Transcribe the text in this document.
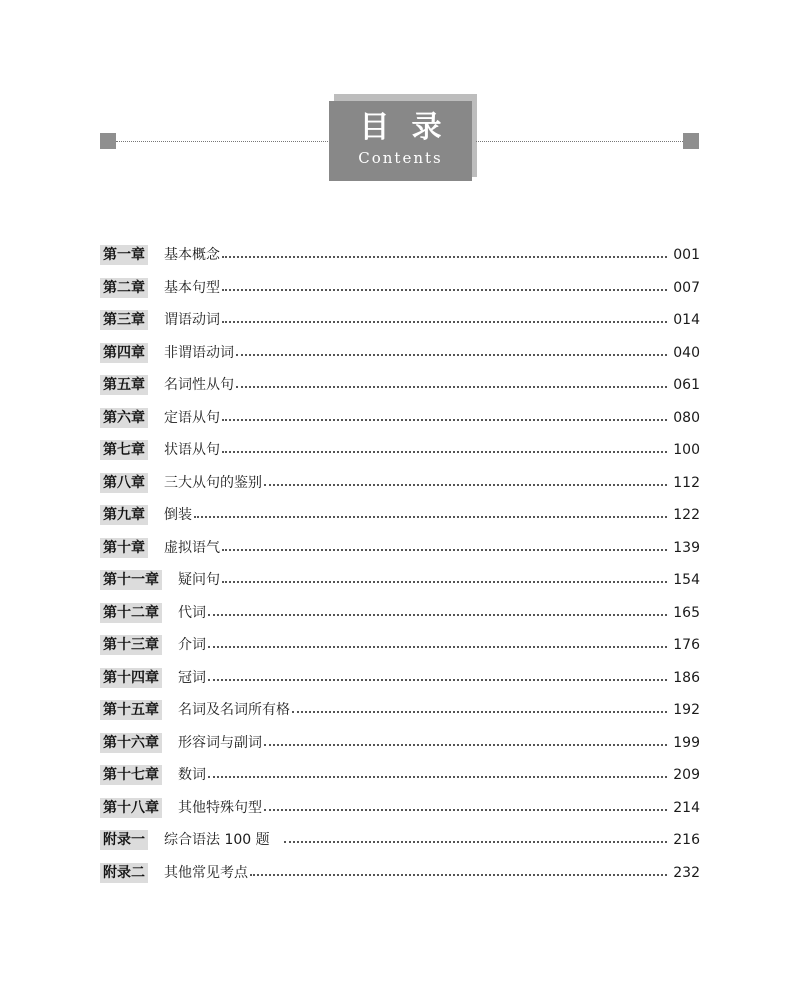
目录
Contents
第一章 基本概念	001
第二章 基本句型	007
第三章 谓语动词	014
第四章 非谓语动词	040
第五章 名词性从句	061
第六章 定语从句	080
第七章 状语从句	100
第八章 三大从句的鉴别	112
第九章 倒装	122
第十章 虚拟语气	139
第十一章 疑问句	154
第十二章 代词	165
第十三章 介词	176
第十四章 冠词	186
第十五章 名词及名词所有格	192
第十六章 形容词与副词	199
第十七章 数词	209
第十八章 其他特殊句型	214
附录一 综合语法 100 题	216
附录二 其他常见考点	232
